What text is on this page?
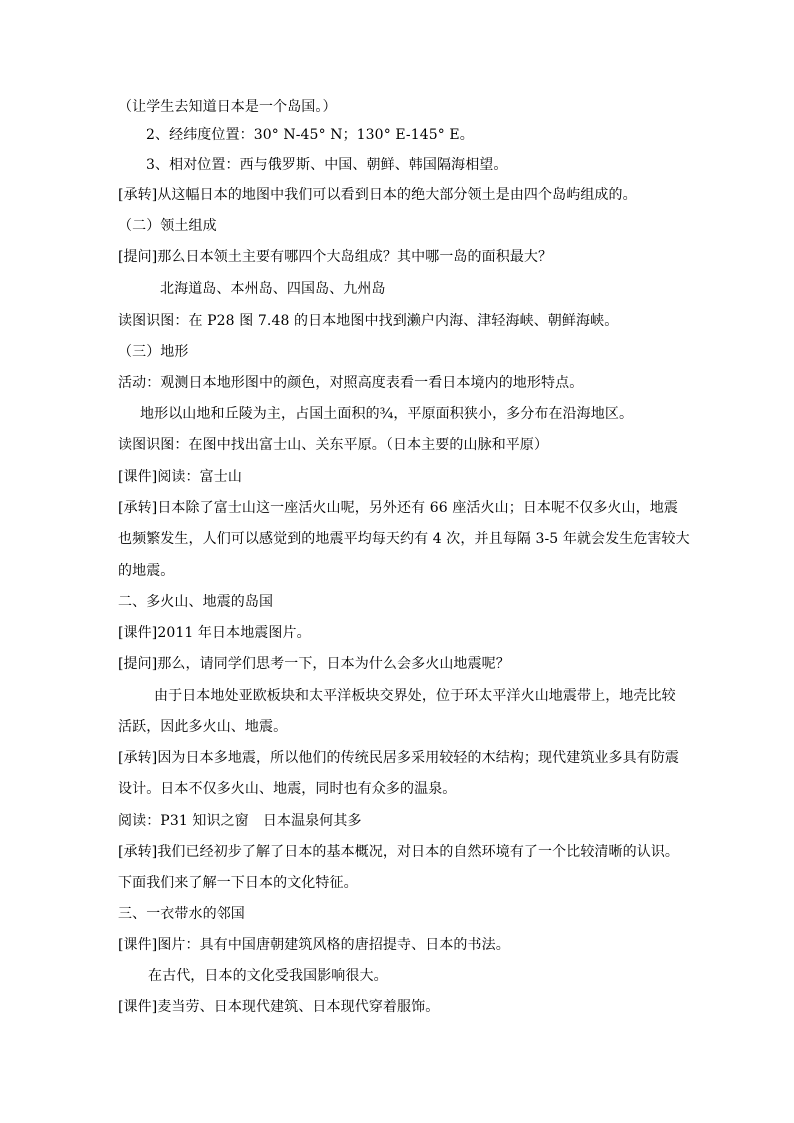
（让学生去知道日本是一个岛国。）
2、经纬度位置：30° N-45° N；130° E-145° E。
3、相对位置：西与俄罗斯、中国、朝鲜、韩国隔海相望。
[承转]从这幅日本的地图中我们可以看到日本的绝大部分领土是由四个岛屿组成的。
（二）领土组成
[提问]那么日本领土主要有哪四个大岛组成？其中哪一岛的面积最大？
北海道岛、本州岛、四国岛、九州岛
读图识图：在 P28 图 7.48 的日本地图中找到濑户内海、津轻海峡、朝鲜海峡。
（三）地形
活动：观测日本地形图中的颜色，对照高度表看一看日本境内的地形特点。
地形以山地和丘陵为主，占国土面积的¾，平原面积狭小，多分布在沿海地区。
读图识图：在图中找出富士山、关东平原。（日本主要的山脉和平原）
[课件]阅读：富士山
[承转]日本除了富士山这一座活火山呢，另外还有 66 座活火山；日本呢不仅多火山，地震
也频繁发生，人们可以感觉到的地震平均每天约有 4 次，并且每隔 3-5 年就会发生危害较大
的地震。
二、多火山、地震的岛国
[课件]2011 年日本地震图片。
[提问]那么，请同学们思考一下，日本为什么会多火山地震呢？
由于日本地处亚欧板块和太平洋板块交界处，位于环太平洋火山地震带上，地壳比较
活跃，因此多火山、地震。
[承转]因为日本多地震，所以他们的传统民居多采用较轻的木结构；现代建筑业多具有防震
设计。日本不仅多火山、地震，同时也有众多的温泉。
阅读：P31 知识之窗　日本温泉何其多
[承转]我们已经初步了解了日本的基本概况，对日本的自然环境有了一个比较清晰的认识。
下面我们来了解一下日本的文化特征。
三、一衣带水的邻国
[课件]图片：具有中国唐朝建筑风格的唐招提寺、日本的书法。
在古代，日本的文化受我国影响很大。
[课件]麦当劳、日本现代建筑、日本现代穿着服饰。
